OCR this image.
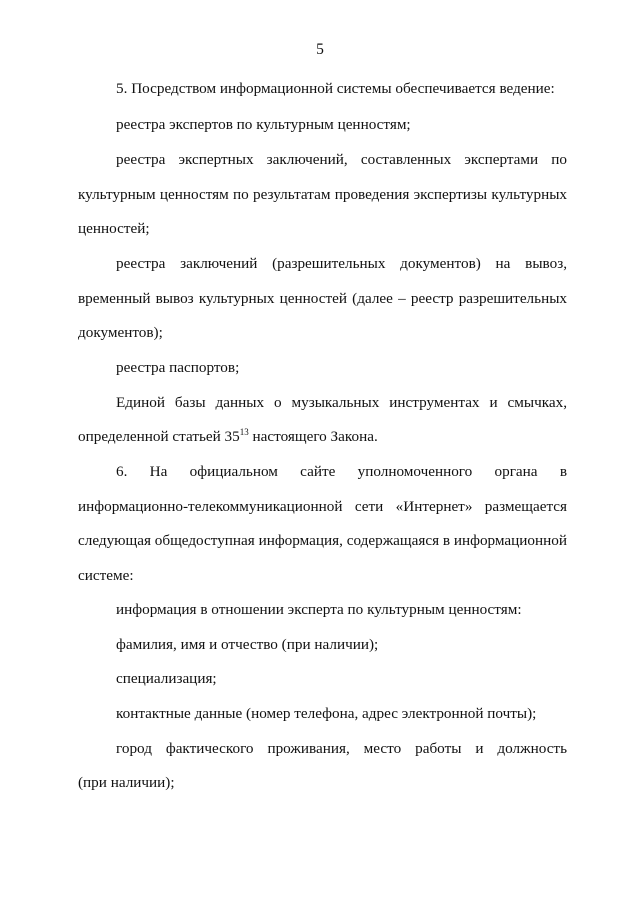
5
5. Посредством информационной системы обеспечивается ведение:
реестра экспертов по культурным ценностям;
реестра экспертных заключений, составленных экспертами по
культурным ценностям по результатам проведения экспертизы культурных
ценностей;
реестра заключений (разрешительных документов) на вывоз,
временный вывоз культурных ценностей (далее – реестр разрешительных
документов);
реестра паспортов;
Единой базы данных о музыкальных инструментах и смычках,
определенной статьей $35^{13}$ настоящего Закона.
6. На официальном сайте уполномоченного органа в
информационно-телекоммуникационной сети «Интернет» размещается
следующая общедоступная информация, содержащаяся в информационной
системе:
информация в отношении эксперта по культурным ценностям:
фамилия, имя и отчество (при наличии);
специализация;
контактные данные (номер телефона, адрес электронной почты);
город фактического проживания, место работы и должность
(при наличии);
